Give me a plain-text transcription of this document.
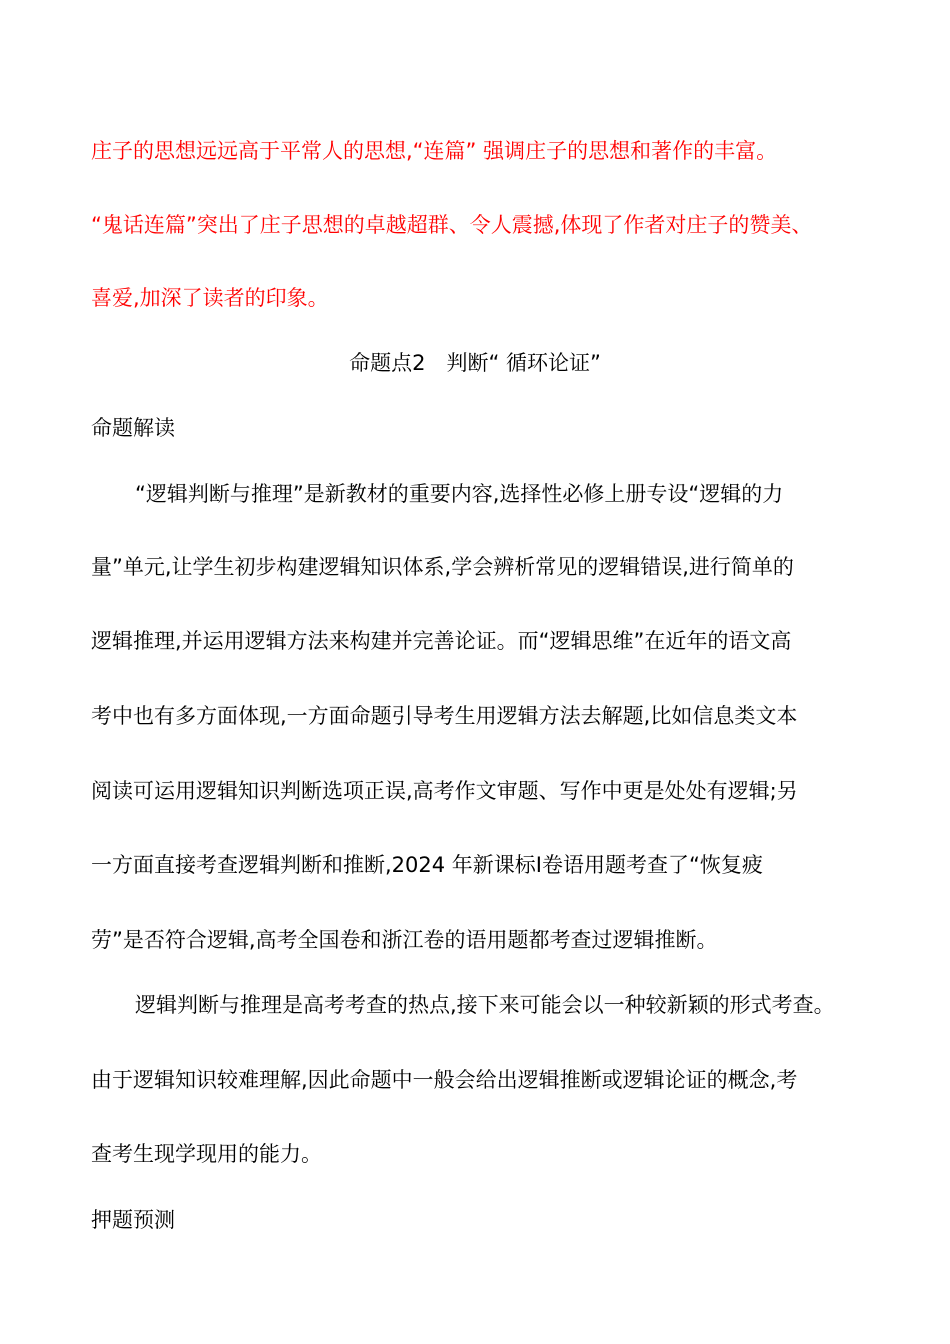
庄子的思想远远高于平常人的思想,“连篇” 强调庄子的思想和著作的丰富。
“鬼话连篇”突出了庄子思想的卓越超群、令人震撼,体现了作者对庄子的赞美、
喜爱,加深了读者的印象。
命题点2　判断“ 循环论证”
命题解读
“逻辑判断与推理”是新教材的重要内容,选择性必修上册专设“逻辑的力
量”单元,让学生初步构建逻辑知识体系,学会辨析常见的逻辑错误,进行简单的
逻辑推理,并运用逻辑方法来构建并完善论证。而“逻辑思维”在近年的语文高
考中也有多方面体现,一方面命题引导考生用逻辑方法去解题,比如信息类文本
阅读可运用逻辑知识判断选项正误,高考作文审题、写作中更是处处有逻辑;另
一方面直接考查逻辑判断和推断,2024 年新课标Ⅰ卷语用题考查了“恢复疲
劳”是否符合逻辑,高考全国卷和浙江卷的语用题都考查过逻辑推断。
逻辑判断与推理是高考考查的热点,接下来可能会以一种较新颖的形式考查。
由于逻辑知识较难理解,因此命题中一般会给出逻辑推断或逻辑论证的概念,考
查考生现学现用的能力。
押题预测
